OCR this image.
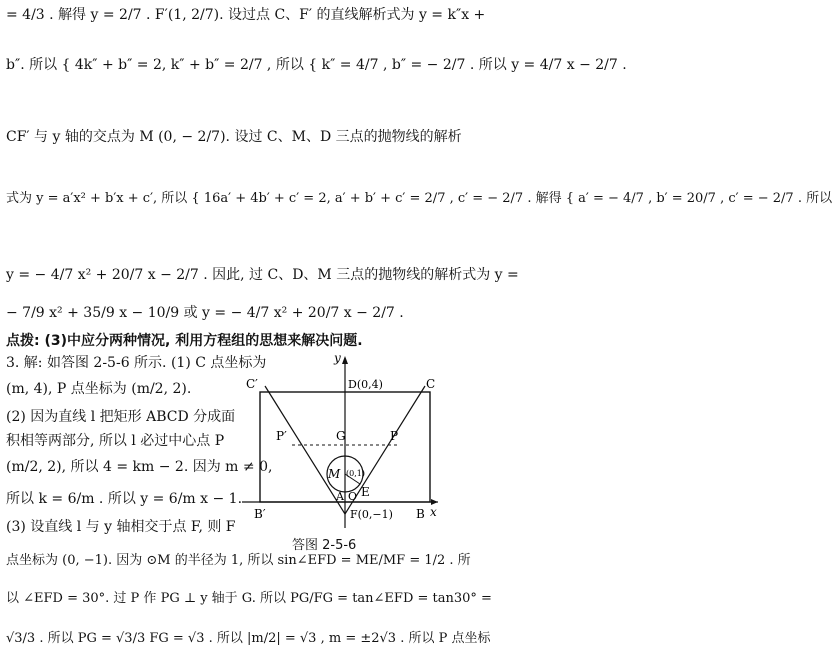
= 4/3 . 解得 y = 2/7 . F′(1, 2/7). 设过点 C、F′ 的直线解析式为 y = k″x +
b″. 所以 { 4k″ + b″ = 2, k″ + b″ = 2/7 , 所以 { k″ = 4/7 , b″ = − 2/7 . 所以 y = 4/7 x − 2/7 .
CF′ 与 y 轴的交点为 M (0, − 2/7). 设过 C、M、D 三点的抛物线的解析
式为 y = a′x² + b′x + c′, 所以 { 16a′ + 4b′ + c′ = 2, a′ + b′ + c′ = 2/7 , c′ = − 2/7 . 解得 { a′ = − 4/7 , b′ = 20/7 , c′ = − 2/7 . 所以
y = − 4/7 x² + 20/7 x − 2/7 . 因此, 过 C、D、M 三点的抛物线的解析式为 y =
− 7/9 x² + 35/9 x − 10/9 或 y = − 4/7 x² + 20/7 x − 2/7 .
点拨: (3)中应分两种情况, 利用方程组的思想来解决问题.
3. 解: 如答图 2-5-6 所示. (1) C 点坐标为
(m, 4), P 点坐标为 (m/2, 2).
(2) 因为直线 l 把矩形 ABCD 分成面
积相等两部分, 所以 l 必过中心点 P
(m/2, 2), 所以 4 = km − 2. 因为 m ≠ 0,
所以 k = 6/m . 所以 y = 6/m x − 1.
(3) 设直线 l 与 y 轴相交于点 F, 则 F
点坐标为 (0, −1). 因为 ⊙M 的半径为 1, 所以 sin∠EFD = ME/MF = 1/2 . 所
以 ∠EFD = 30°. 过 P 作 PG ⊥ y 轴于 G. 所以 PG/FG = tan∠EFD = tan30° =
√3/3 . 所以 PG = √3/3 FG = √3 . 所以 |m/2| = √3 , m = ±2√3 . 所以 P 点坐标
y
x
D(0,4)	C
C′
G	P
P′
M (0,1)
E
A O
F(0,−1) B
B′
答图 2-5-6
